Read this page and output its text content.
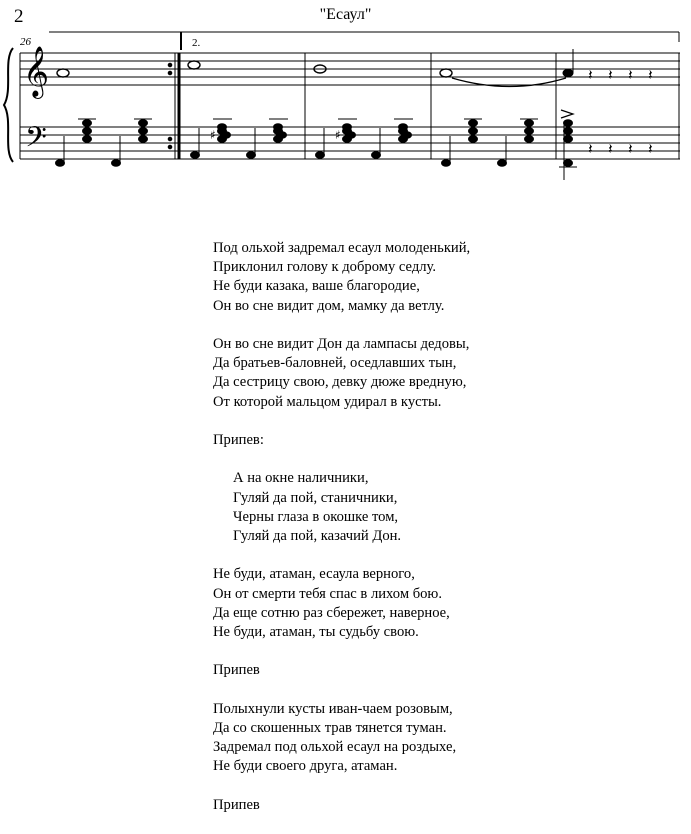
2	"Есаул"
26	2.
𝄞
𝄢
𝄽 𝄽 𝄽 𝄽
♯	♯
𝄽 𝄽 𝄽 𝄽
Под ольхой задремал есаул молоденький,
Приклонил голову к доброму седлу.
Не буди казака, ваше благородие,
Он во сне видит дом, мамку да ветлу.
Он во сне видит Дон да лампасы дедовы,
Да братьев-баловней, оседлавших тын,
Да сестрицу свою, девку дюже вредную,
От которой мальцом удирал в кусты.
Припев:
А на окне наличники,
Гуляй да пой, станичники,
Черны глаза в окошке том,
Гуляй да пой, казачий Дон.
Не буди, атаман, есаула верного,
Он от смерти тебя спас в лихом бою.
Да еще сотню раз сбережет, наверное,
Не буди, атаман, ты судьбу свою.
Припев
Полыхнули кусты иван-чаем розовым,
Да со скошенных трав тянется туман.
Задремал под ольхой есаул на роздыхе,
Не буди своего друга, атаман.
Припев
